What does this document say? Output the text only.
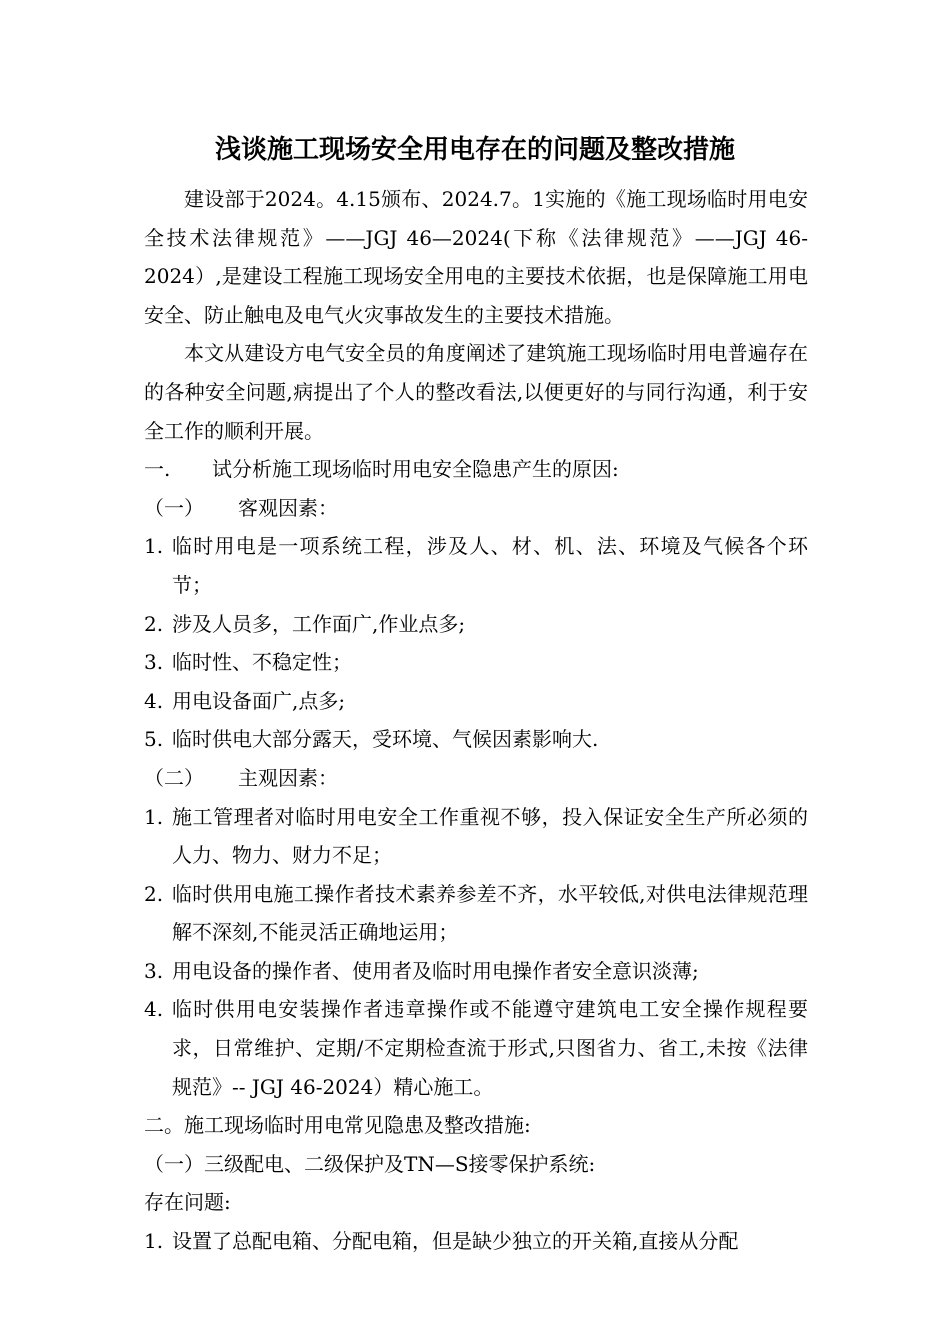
浅谈施工现场安全用电存在的问题及整改措施

建设部于2024。4.15颁布、2024.7。1实施的《施工现场临时用电安全技术法律规范》——JGJ 46—2024(下称《法律规范》——JGJ 46-2024）,是建设工程施工现场安全用电的主要技术依据，也是保障施工用电安全、防止触电及电气火灾事故发生的主要技术措施。

本文从建设方电气安全员的角度阐述了建筑施工现场临时用电普遍存在的各种安全问题,病提出了个人的整改看法,以便更好的与同行沟通，利于安全工作的顺利开展。

一. 试分析施工现场临时用电安全隐患产生的原因:

（一） 客观因素：

1. 临时用电是一项系统工程，涉及人、材、机、法、环境及气候各个环节；
2. 涉及人员多，工作面广,作业点多;
3. 临时性、不稳定性；
4. 用电设备面广,点多;
5. 临时供电大部分露天，受环境、气候因素影响大.

（二） 主观因素：

1. 施工管理者对临时用电安全工作重视不够，投入保证安全生产所必须的人力、物力、财力不足；
2. 临时供用电施工操作者技术素养参差不齐，水平较低,对供电法律规范理解不深刻,不能灵活正确地运用；
3. 用电设备的操作者、使用者及临时用电操作者安全意识淡薄;
4. 临时供用电安装操作者违章操作或不能遵守建筑电工安全操作规程要求，日常维护、定期/不定期检查流于形式,只图省力、省工,未按《法律规范》-- JGJ 46-2024）精心施工。

二。施工现场临时用电常见隐患及整改措施:

（一）三级配电、二级保护及TN—S接零保护系统:

存在问题:

1. 设置了总配电箱、分配电箱，但是缺少独立的开关箱,直接从分配
